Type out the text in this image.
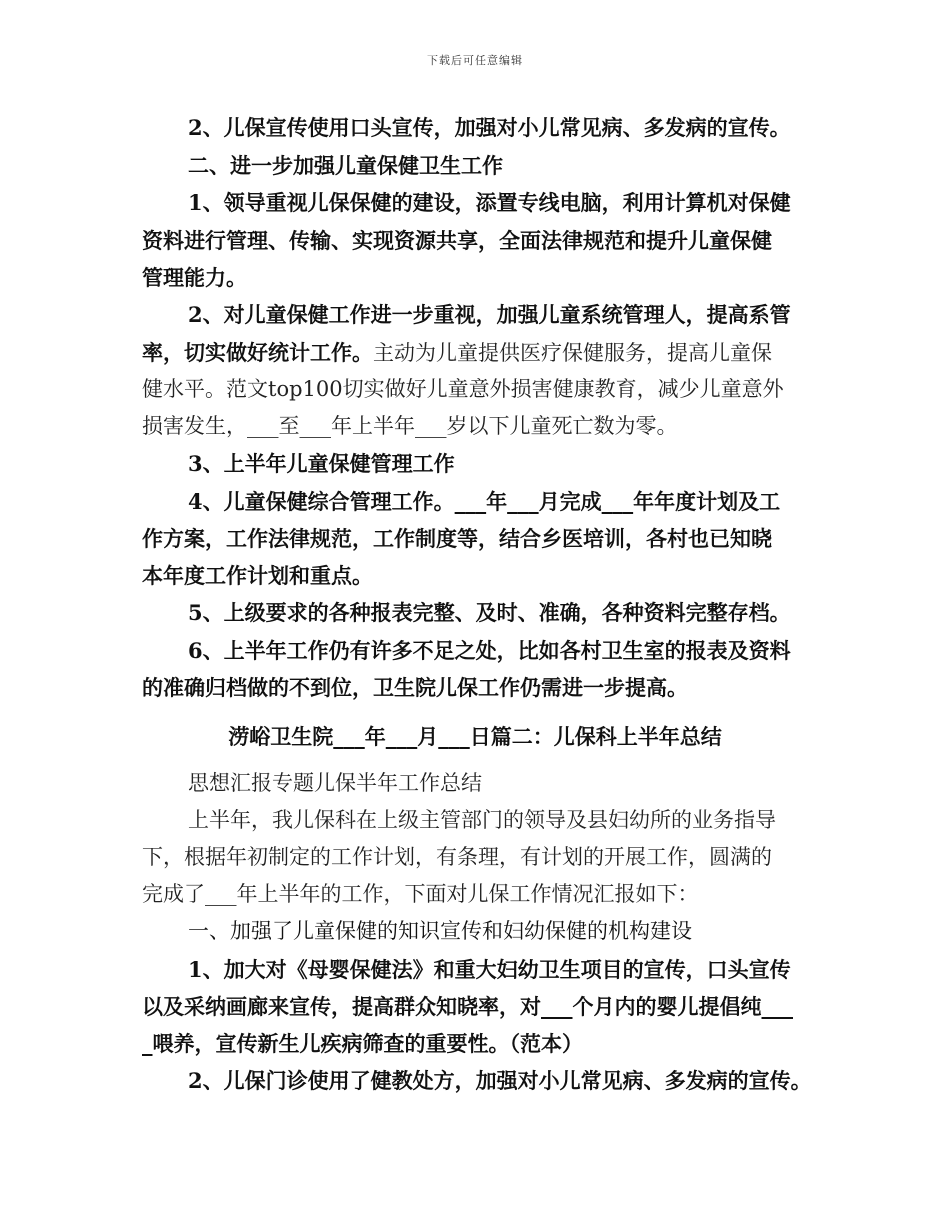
下载后可任意编辑
2、儿保宣传使用口头宣传，加强对小儿常见病、多发病的宣传。
二、进一步加强儿童保健卫生工作
1、领导重视儿保保健的建设，添置专线电脑，利用计算机对保健
资料进行管理、传输、实现资源共享，全面法律规范和提升儿童保健
管理能力。
2、对儿童保健工作进一步重视，加强儿童系统管理人，提高系管
率，切实做好统计工作。主动为儿童提供医疗保健服务，提高儿童保
健水平。范文top100切实做好儿童意外损害健康教育，减少儿童意外
损害发生，___至___年上半年___岁以下儿童死亡数为零。
3、上半年儿童保健管理工作
4、儿童保健综合管理工作。___年___月完成___年年度计划及工
作方案，工作法律规范，工作制度等，结合乡医培训，各村也已知晓
本年度工作计划和重点。
5、上级要求的各种报表完整、及时、准确，各种资料完整存档。
6、上半年工作仍有许多不足之处，比如各村卫生室的报表及资料
的准确归档做的不到位，卫生院儿保工作仍需进一步提高。
涝峪卫生院___年___月___日篇二：儿保科上半年总结
思想汇报专题儿保半年工作总结
上半年，我儿保科在上级主管部门的领导及县妇幼所的业务指导
下，根据年初制定的工作计划，有条理，有计划的开展工作，圆满的
完成了___年上半年的工作，下面对儿保工作情况汇报如下：
一、加强了儿童保健的知识宣传和妇幼保健的机构建设
1、加大对《母婴保健法》和重大妇幼卫生项目的宣传，口头宣传
以及采纳画廊来宣传，提高群众知晓率，对___个月内的婴儿提倡纯___
_喂养，宣传新生儿疾病筛查的重要性。（范本）
2、儿保门诊使用了健教处方，加强对小儿常见病、多发病的宣传。
